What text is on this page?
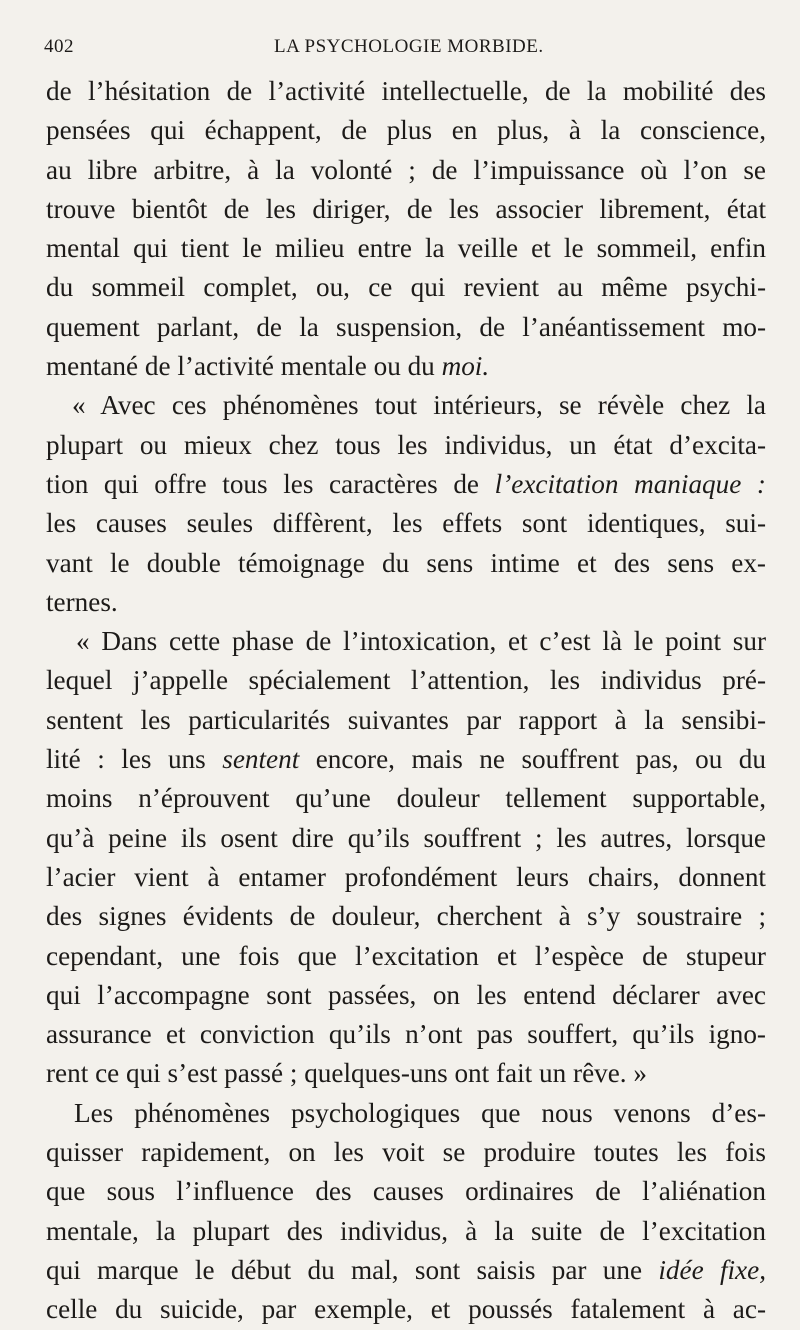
402	LA PSYCHOLOGIE MORBIDE.
de l’hésitation de l’activité intellectuelle, de la mobilité des
pensées qui échappent, de plus en plus, à la conscience,
au libre arbitre, à la volonté ; de l’impuissance où l’on se
trouve bientôt de les diriger, de les associer librement, état
mental qui tient le milieu entre la veille et le sommeil, enfin
du sommeil complet, ou, ce qui revient au même psychi-
quement parlant, de la suspension, de l’anéantissement mo-
mentané de l’activité mentale ou du moi.
« Avec ces phénomènes tout intérieurs, se révèle chez la
plupart ou mieux chez tous les individus, un état d’excita-
tion qui offre tous les caractères de l’excitation maniaque :
les causes seules diffèrent, les effets sont identiques, sui-
vant le double témoignage du sens intime et des sens ex-
ternes.
« Dans cette phase de l’intoxication, et c’est là le point sur
lequel j’appelle spécialement l’attention, les individus pré-
sentent les particularités suivantes par rapport à la sensibi-
lité : les uns sentent encore, mais ne souffrent pas, ou du
moins n’éprouvent qu’une douleur tellement supportable,
qu’à peine ils osent dire qu’ils souffrent ; les autres, lorsque
l’acier vient à entamer profondément leurs chairs, donnent
des signes évidents de douleur, cherchent à s’y soustraire ;
cependant, une fois que l’excitation et l’espèce de stupeur
qui l’accompagne sont passées, on les entend déclarer avec
assurance et conviction qu’ils n’ont pas souffert, qu’ils igno-
rent ce qui s’est passé ; quelques-uns ont fait un rêve. »
Les phénomènes psychologiques que nous venons d’es-
quisser rapidement, on les voit se produire toutes les fois
que sous l’influence des causes ordinaires de l’aliénation
mentale, la plupart des individus, à la suite de l’excitation
qui marque le début du mal, sont saisis par une idée fixe,
celle du suicide, par exemple, et poussés fatalement à ac-
